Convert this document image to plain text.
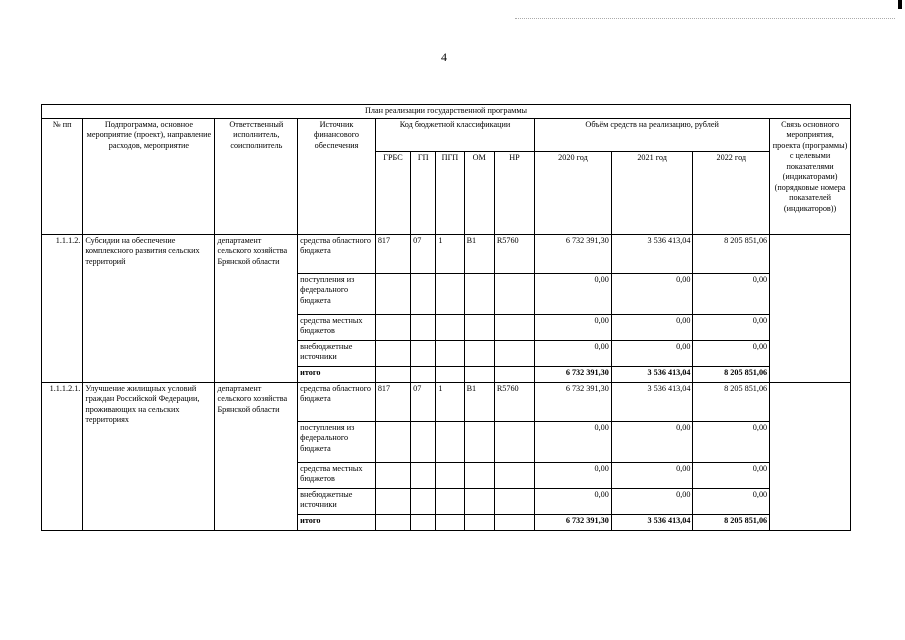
4
План реализации государственной программы												
№ пп	Подпрограмма, основное мероприятие (проект), направление расходов, мероприятие	Ответственный исполнитель, соисполнитель	Источник финансового обеспечения	Код бюджетной классификации					Объём средств на реализацию, рублей			Связь основного мероприятия, проекта (программы) с целевыми показателями (индикаторами) (порядковые номера показателей (индикаторов))
				ГРБС	ГП	ПГП	ОМ	НР	2020 год	2021 год	2022 год	
1.1.1.2.	Субсидии на обеспечение комплексного развития сельских территорий	департамент сельского хозяйства Брянской области	средства областного бюджета	817	07	1	В1	R5760	6 732 391,30	3 536 413,04	8 205 851,06	
			поступления из федерального бюджета						0,00	0,00	0,00	
			средства местных бюджетов						0,00	0,00	0,00	
			внебюджетные источники						0,00	0,00	0,00	
			итого						6 732 391,30	3 536 413,04	8 205 851,06	
1.1.1.2.1.	Улучшение жилищных условий граждан Российской Федерации, проживающих на сельских территориях	департамент сельского хозяйства Брянской области	средства областного бюджета	817	07	1	В1	R5760	6 732 391,30	3 536 413,04	8 205 851,06	
			поступления из федерального бюджета						0,00	0,00	0,00	
			средства местных бюджетов						0,00	0,00	0,00	
			внебюджетные источники						0,00	0,00	0,00	
			итого						6 732 391,30	3 536 413,04	8 205 851,06	
